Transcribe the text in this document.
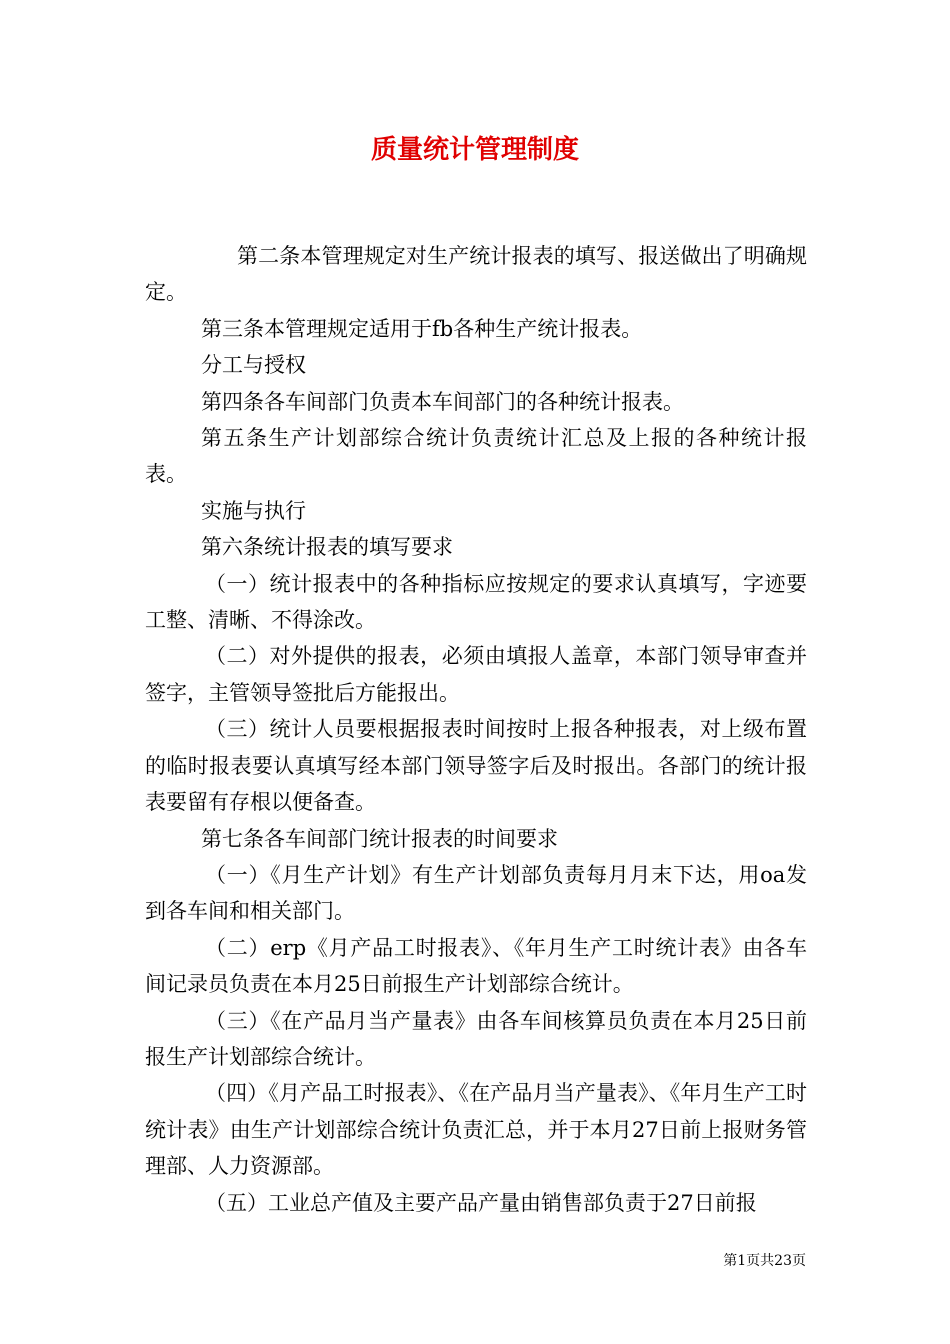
质量统计管理制度

第二条本管理规定对生产统计报表的填写、报送做出了明确规定。

第三条本管理规定适用于fb各种生产统计报表。

分工与授权

第四条各车间部门负责本车间部门的各种统计报表。

第五条生产计划部综合统计负责统计汇总及上报的各种统计报表。

实施与执行

第六条统计报表的填写要求

（一）统计报表中的各种指标应按规定的要求认真填写，字迹要工整、清晰、不得涂改。

（二）对外提供的报表，必须由填报人盖章，本部门领导审查并签字，主管领导签批后方能报出。

（三）统计人员要根据报表时间按时上报各种报表，对上级布置的临时报表要认真填写经本部门领导签字后及时报出。各部门的统计报表要留有存根以便备查。

第七条各车间部门统计报表的时间要求

（一）《月生产计划》有生产计划部负责每月月末下达，用oa发到各车间和相关部门。

（二）erp《月产品工时报表》、《年月生产工时统计表》由各车间记录员负责在本月25日前报生产计划部综合统计。

（三）《在产品月当产量表》由各车间核算员负责在本月25日前报生产计划部综合统计。

（四）《月产品工时报表》、《在产品月当产量表》、《年月生产工时统计表》由生产计划部综合统计负责汇总，并于本月27日前上报财务管理部、人力资源部。

（五）工业总产值及主要产品产量由销售部负责于27日前报

第1页共23页
